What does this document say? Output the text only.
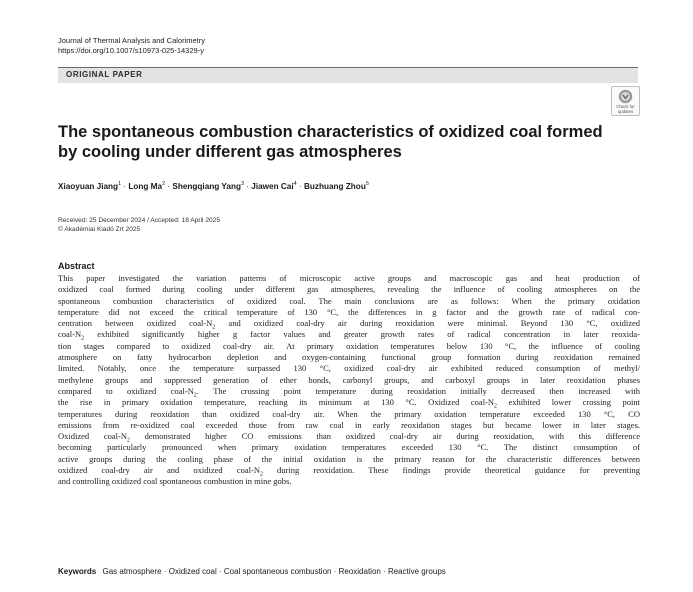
Journal of Thermal Analysis and Calorimetry
https://doi.org/10.1007/s10973-025-14329-y
ORIGINAL PAPER
Check for
updates
The spontaneous combustion characteristics of oxidized coal formed
by cooling under different gas atmospheres
Xiaoyuan Jiang$^1$ · Long $Ma^2$ · Shengqiang Yang$^3$ · Jiawen Cai$^4$ · Buzhuang Zhou$^5$
Received: 25 December 2024 / Accepted: 18 April 2025
© Akadémiai Kiadó Zrt 2025
Abstract
This paper investigated the variation patterns of microscopic active groups and macroscopic gas and heat production of
oxidized coal formed during cooling under different gas atmospheres, revealing the influence of cooling atmospheres on the
spontaneous combustion characteristics of oxidized coal. The main conclusions are as follows: When the primary oxidation
temperature did not exceed the critical temperature of 130 °C, the differences in g factor and the growth rate of radical con-
centration between oxidized coal-$N_2$ and oxidized coal-dry air during reoxidation were minimal. Beyond 130 °C, oxidized
coal-$N_2$ exhibited significantly higher g factor values and greater growth rates of radical concentration in later reoxida-
tion stages compared to oxidized coal-dry air. At primary oxidation temperatures below 130 °C, the influence of cooling
atmosphere on fatty hydrocarbon depletion and oxygen-containing functional group formation during reoxidation remained
limited. Notably, once the temperature surpassed 130 °C, oxidized coal-dry air exhibited reduced consumption of methyl/
methylene groups and suppressed generation of ether bonds, carbonyl groups, and carboxyl groups in later reoxidation phases
compared to oxidized coal-$N_2$. The crossing point temperature during reoxidation initially decreased then increased with
the rise in primary oxidation temperature, reaching its minimum at 130 °C. Oxidized coal-$N_2$ exhibited lower crossing point
temperatures during reoxidation than oxidized coal-dry air. When the primary oxidation temperature exceeded 130 °C, CO
emissions from re-oxidized coal exceeded those from raw coal in early reoxidation stages but became lower in later stages.
Oxidized coal-$N_2$ demonstrated higher CO emissions than oxidized coal-dry air during reoxidation, with this difference
becoming particularly pronounced when primary oxidation temperatures exceeded 130 °C. The distinct consumption of
active groups during the cooling phase of the initial oxidation is the primary reason for the characteristic differences between
oxidized coal-dry air and oxidized coal-$N_2$ during reoxidation. These findings provide theoretical guidance for preventing
and controlling oxidized coal spontaneous combustion in mine gobs.
Keywords Gas atmosphere · Oxidized coal · Coal spontaneous combustion · Reoxidation · Reactive groups
